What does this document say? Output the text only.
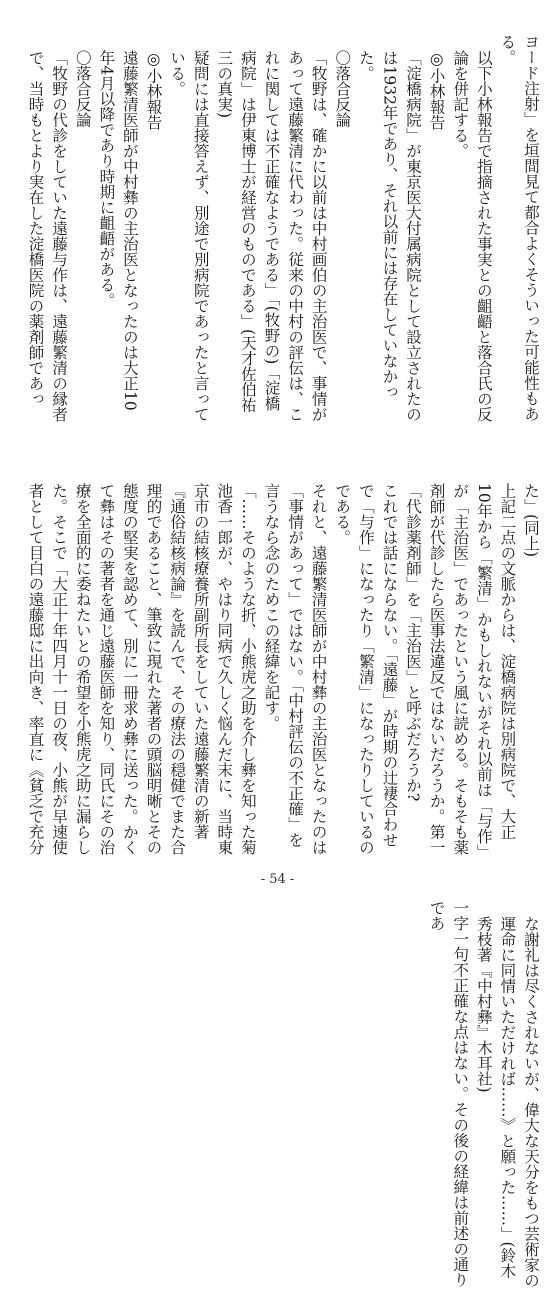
ヨード注射」を垣間見て都合よくそういった可能性もある。

以下小林報告で指摘された事実との齟齬と落合氏の反論を併記する。

◎小林報告

「淀橋病院」が東京医大付属病院として設立されたのは1932年であり、それ以前には存在していなかった。

〇落合反論

「牧野は、確かに以前は中村画伯の主治医で、事情があって遠藤繁清に代わった。従来の中村の評伝は、これに関しては不正確なようである」「(牧野の)「淀橋病院」は伊東博士が経営のものである」(天才佐伯祐三の真実)

疑問には直接答えず、別途で別病院であったと言っている。

◎小林報告

遠藤繁清医師が中村彝の主治医となったのは大正10年4月以降であり時期に齟齬がある。

〇落合反論

「牧野の代診をしていた遠藤与作は、遠藤繁清の縁者で、当時もとより実在した淀橋医院の薬剤師であった」(同上)

上記二点の文脈からは、淀橋病院は別病院で、大正10年から「繁清」かもしれないがそれ以前は「与作」が「主治医」であったという風に読める。そもそも薬剤師が代診したら医事法違反ではないだろうか。第一「代診薬剤師」を「主治医」と呼ぶだろうか?

これでは話にならない。「遠藤」が時期の辻褄合わせで「与作」になったり「繁清」になったりしているのである。

それと、遠藤繁清医師が中村彝の主治医となったのは「事情があって」ではない。「中村評伝の不正確」を言うなら念のためこの経緯を記す。

「……そのような折、小熊虎之助を介し彝を知った菊池香一郎が、やはり同病で久しく悩んだ末に、当時東京市の結核療養所副所長をしていた遠藤繁清の新著『通俗結核病論』を読んで、その療法の穏健でまた合理的であること、筆致に現れた著者の頭脳明晰とその態度の堅実を認めて、別に一冊求め彝に送った。かくて彝はその著者を通じ遠藤医師を知り、同氏にその治療を全面的に委ねたいとの希望を小熊虎之助に漏らした。そこで「大正十年四月十一日の夜、小熊が早速使者として目白の遠藤邸に出向き、率直に《貧乏で充分な謝礼は尽くされないが、偉大な天分をもつ芸術家の運命に同情いただければ……》と願った……」(鈴木秀枝著『中村彝』木耳社)

一字一句不正確な点はない。その後の経緯は前述の通りであ

- 54 -
